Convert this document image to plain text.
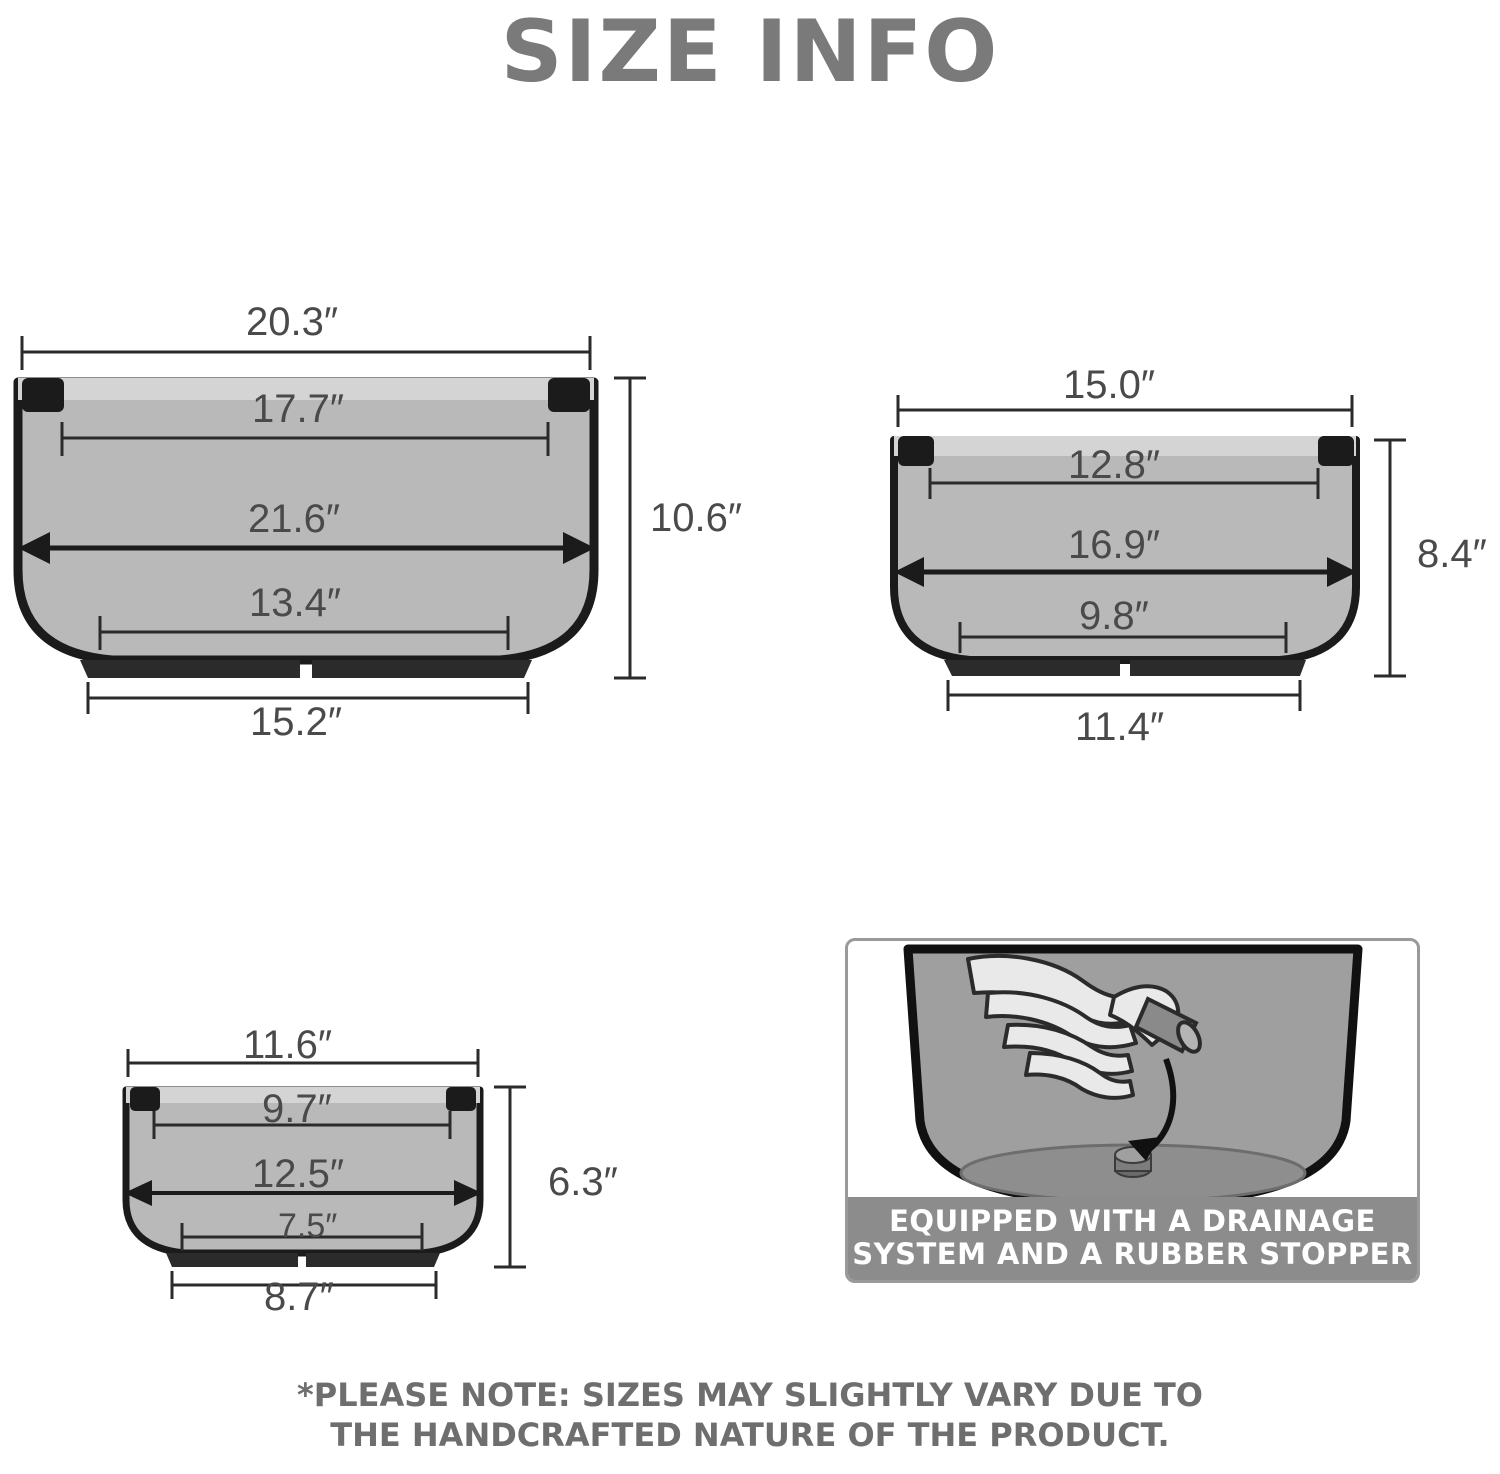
SIZE INFO
20.3″
17.7″
21.6″
13.4″
15.2″
10.6″
15.0″
12.8″
16.9″
9.8″
11.4″
8.4″
11.6″
9.7″
12.5″
7.5″
8.7″
6.3″
EQUIPPED WITH A DRAINAGE
SYSTEM AND A RUBBER STOPPER
*PLEASE NOTE: SIZES MAY SLIGHTLY VARY DUE TO
THE HANDCRAFTED NATURE OF THE PRODUCT.
